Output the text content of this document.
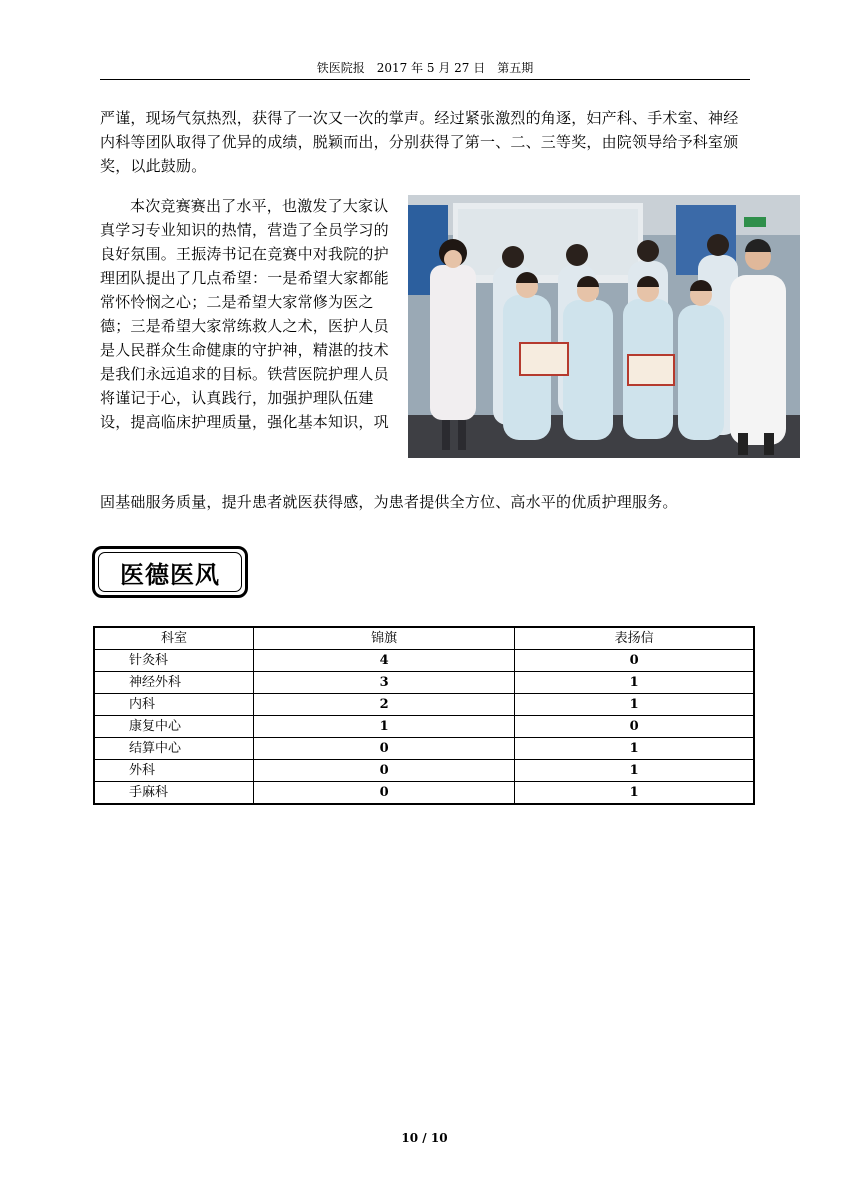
铁医院报　2017 年 5 月 27 日　第五期

严谨，现场气氛热烈，获得了一次又一次的掌声。经过紧张激烈的角逐，妇产科、手术室、神经内科等团队取得了优异的成绩，脱颖而出，分别获得了第一、二、三等奖，由院领导给予科室颁奖，以此鼓励。

本次竞赛赛出了水平，也激发了大家认真学习专业知识的热情，营造了全员学习的良好氛围。王振涛书记在竞赛中对我院的护理团队提出了几点希望：一是希望大家都能常怀怜悯之心；二是希望大家常修为医之德；三是希望大家常练救人之术，医护人员是人民群众生命健康的守护神，精湛的技术是我们永远追求的目标。铁营医院护理人员将谨记于心，认真践行，加强护理队伍建设，提高临床护理质量，强化基本知识，巩

固基础服务质量，提升患者就医获得感，为患者提供全方位、高水平的优质护理服务。

医德医风
科室	锦旗	表扬信
针灸科	4	0
神经外科	3	1
内科	2	1
康复中心	1	0
结算中心	0	1
外科	0	1
手麻科	0	1
10 / 10
